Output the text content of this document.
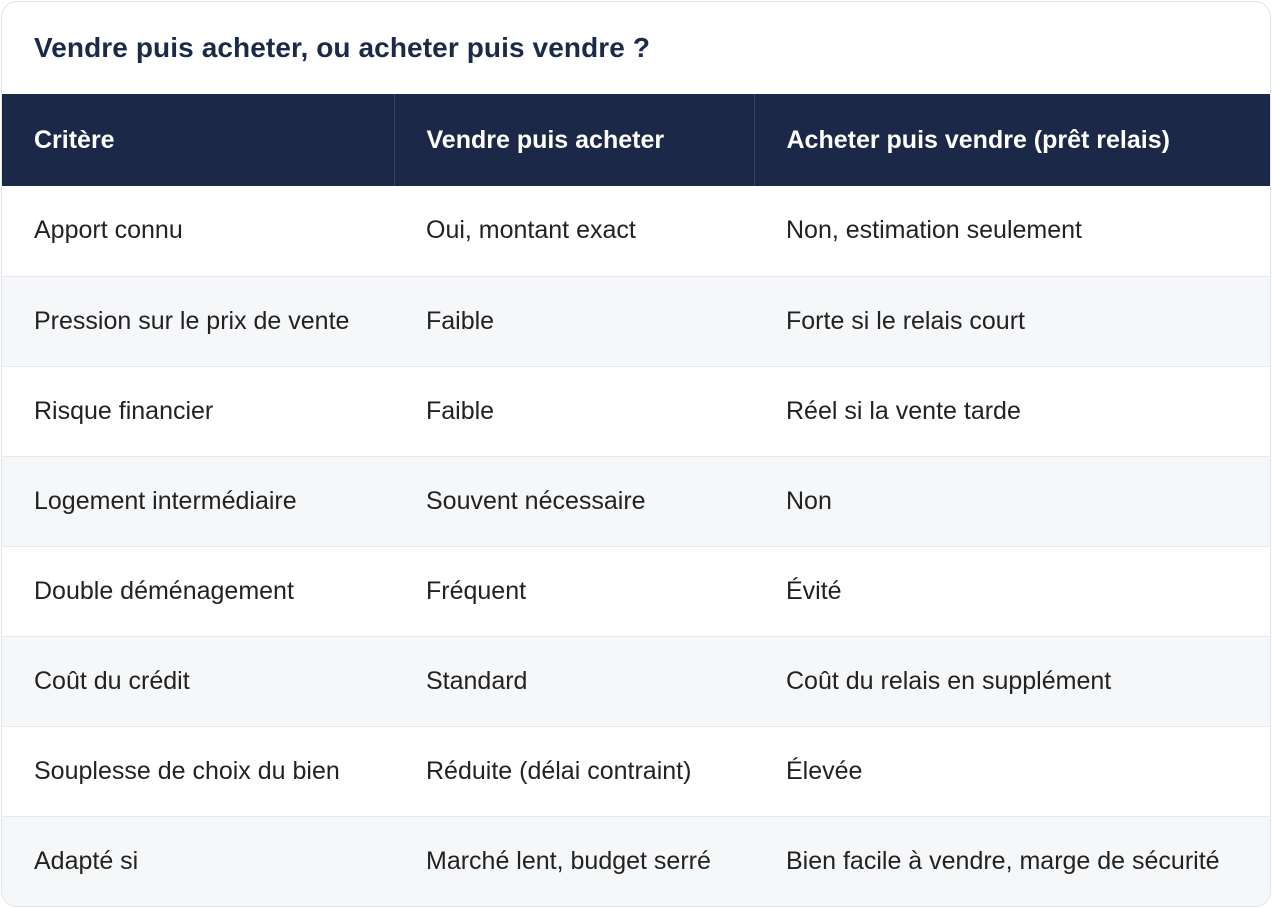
Vendre puis acheter, ou acheter puis vendre ?
Critère	Vendre puis acheter	Acheter puis vendre (prêt relais)
Apport connu	Oui, montant exact	Non, estimation seulement
Pression sur le prix de vente	Faible	Forte si le relais court
Risque financier	Faible	Réel si la vente tarde
Logement intermédiaire	Souvent nécessaire	Non
Double déménagement	Fréquent	Évité
Coût du crédit	Standard	Coût du relais en supplément
Souplesse de choix du bien	Réduite (délai contraint)	Élevée
Adapté si	Marché lent, budget serré	Bien facile à vendre, marge de sécurité
